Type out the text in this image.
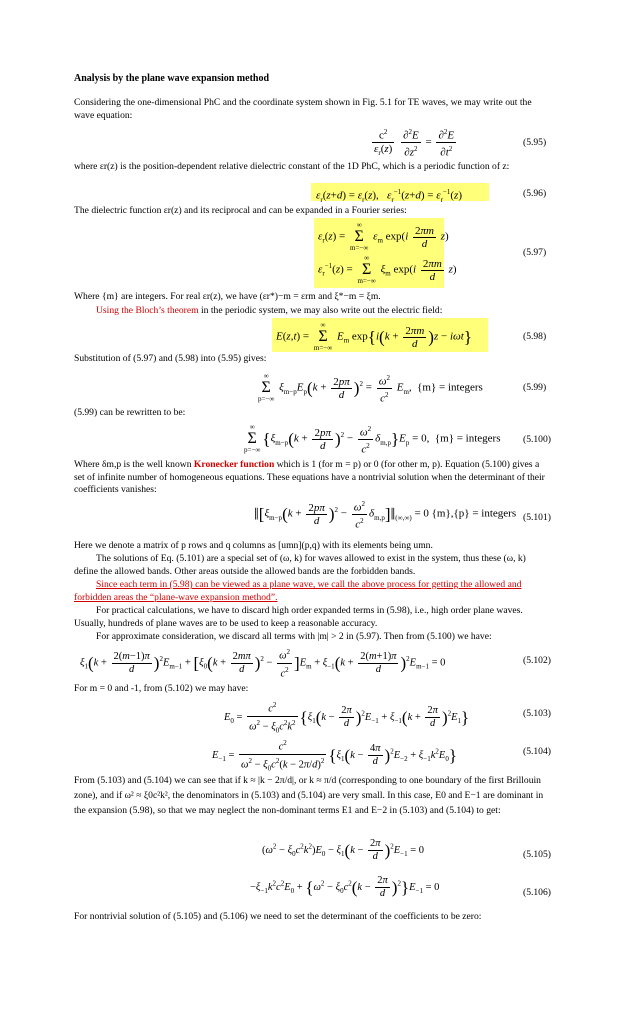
Analysis by the plane wave expansion method
Considering the one-dimensional PhC and the coordinate system shown in Fig. 5.1 for TE waves, we may write out the wave equation:
$\frac{c^2}{\varepsilon_r(z)}$
$\frac{\partial^2E}{\partial z^2} = \frac{\partial^2E}{\partial t^2}$	(5.95)
where εr(z) is the position-dependent relative dielectric constant of the 1D PhC, which is a periodic function of z:
$\varepsilon_r(z+d) = \varepsilon_r(z)$,   $\varepsilon_r^{-1}(z+d) = \varepsilon_r^{-1}(z)$	(5.96)
The dielectric function εr(z) and its reciprocal and can be expanded in a Fourier series:
$\varepsilon_r(z)$ = ∞
Σ
m=−∞ $\varepsilon_m$ $\exp(i \frac{2\pi m}{d} z)$
$\varepsilon_r^{-1}(z)$ = ∞
Σ
m=−∞ $\xi_m$ $\exp(i \frac{2\pi m}{d} z)$
(5.97)
Where {m} are integers. For real εr(z), we have (εr*)−m = εrm and ξ*−m = ξm.
Using the Bloch’s theorem in the periodic system, we may also write out the electric field:
E(z,t) = ∞
Σ
m=−∞ $E_m$ $\exp\{i(k + \frac{2\pi m}{d} )z - i\omega t\}$	(5.98)
Substitution of (5.97) and (5.98) into (5.95) gives:
∞
Σ
p=−∞ $\xi_{m-p}E_p(k + \frac{2p\pi}{d} )^2 = \frac{\omega^2}{c^2} E_m$,  {m} = integers	(5.99)
(5.99) can be rewritten to be:
∞
Σ
$p=-\infty\{\xi_{m-p}(k + \frac{2p\pi}{d} )^2 - \frac{\omega^2}{c^2} \delta_{m,p}\}E_p = 0$,  {m} = integers (5.100)
Where δm,p is the well known Kronecker function which is 1 (for m = p) or 0 (for other m, p). Equation (5.100) gives a set of infinite number of homogeneous equations. These equations have a nontrivial solution when the determinant of their coefficients vanishes:
$‖[\xi_{m-p}(k + \frac{2p\pi}{d} )^2 - \frac{\omega^2}{c^2}$ $\delta_{m,p}]‖_{(\infty,\infty)} = 0$ {m},{p} = integers (5.101)
Here we denote a matrix of p rows and q columns as [umn](p,q) with its elements being umn.
The solutions of Eq. (5.101) are a special set of (ω, k) for waves allowed to exist in the system, thus these (ω, k) define the allowed bands. Other areas outside the allowed bands are the forbidden bands.
Since each term in (5.98) can be viewed as a plane wave, we call the above process for getting the allowed and forbidden areas the “plane-wave expansion method”.
For practical calculations, we have to discard high order expanded terms in (5.98), i.e., high order plane waves. Usually, hundreds of plane waves are to be used to keep a reasonable accuracy.
For approximate consideration, we discard all terms with |m| > 2 in (5.97). Then from (5.100) we have:
$\xi_1(k + \frac{2(m-1)\pi}{d} )^2E_{m-1} + [\xi_0(k + \frac{2m\pi}{d} )^2 - \frac{\omega^2}{c^2} ]E_m + \xi_{-1}(k + \frac{2(m+1)\pi}{d} )^2E_{m-1} = 0$	(5.102)
For m = 0 and -1, from (5.102) we may have:
$E_0 = \frac{c^2}{\omega^2 - \xi_0c^2k^2} \{\xi_1(k - \frac{2\pi}{d} )^2E_{-1} + \xi_{-1}(k + \frac{2\pi}{d} )^2E_1\}$	(5.103)
$E_{-1} = \frac{c^2}{\omega^2 - \xi_0c^2(k - 2\pi/d)^2} \{\xi_1(k - \frac{4\pi}{d} )^2E_{-2} + \xi_{-1}k^2E_0\}$	(5.104)
From (5.103) and (5.104) we can see that if k ≈ |k − 2π/d|, or k ≈ π/d (corresponding to one boundary of the first Brillouin zone), and if ω² ≈ ξ0c²k², the denominators in (5.103) and (5.104) are very small. In this case, E0 and E−1 are dominant in the expansion (5.98), so that we may neglect the non-dominant terms E1 and E−2 in (5.103) and (5.104) to get:
$(\omega^2 - \xi_0c^2k^2)E_0 - \xi_1(k - \frac{2\pi}{d} )^2E_{-1} = 0$	(5.105)
$-\xi_{-1}k^2c^2E_0 + \{\omega^2 - \xi_0c^2(k - \frac{2\pi}{d} )^2\}E_{-1} = 0$	(5.106)
For nontrivial solution of (5.105) and (5.106) we need to set the determinant of the coefficients to be zero:
